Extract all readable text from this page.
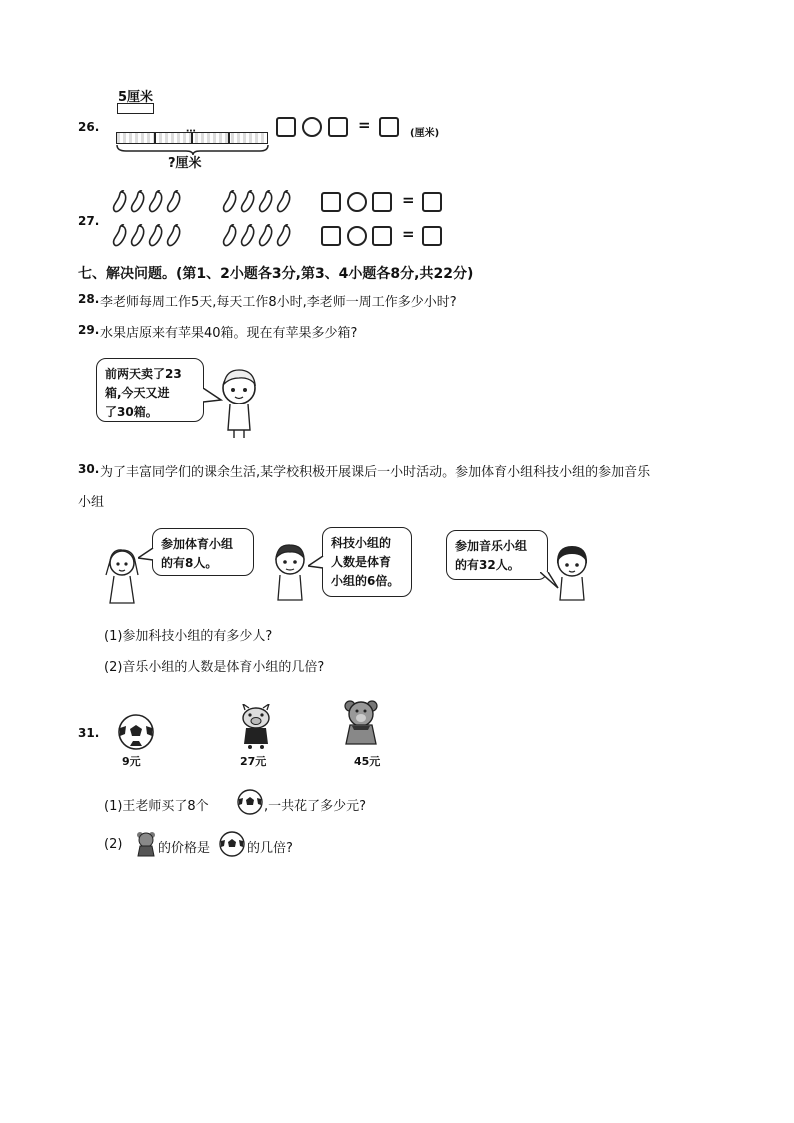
26.
5厘米
⋯
?厘米
=	(厘米)
27.
=
=
七、解决问题。(第1、2小题各3分,第3、4小题各8分,共22分)
28. 李老师每周工作5天,每天工作8小时,李老师一周工作多少小时?
29. 水果店原来有苹果40箱。现在有苹果多少箱?
前两天卖了23
箱,今天又进
了30箱。
30. 为了丰富同学们的课余生活,某学校积极开展课后一小时活动。参加体育小组科技小组的参加音乐
小组
参加体育小组
的有8人。
科技小组的
人数是体育
小组的6倍。
参加音乐小组
的有32人。
(1)参加科技小组的有多少人?
(2)音乐小组的人数是体育小组的几倍?
31.
9元	27元	45元
(1)王老师买了8个	,一共花了多少元?
(2)	的价格是	的几倍?
